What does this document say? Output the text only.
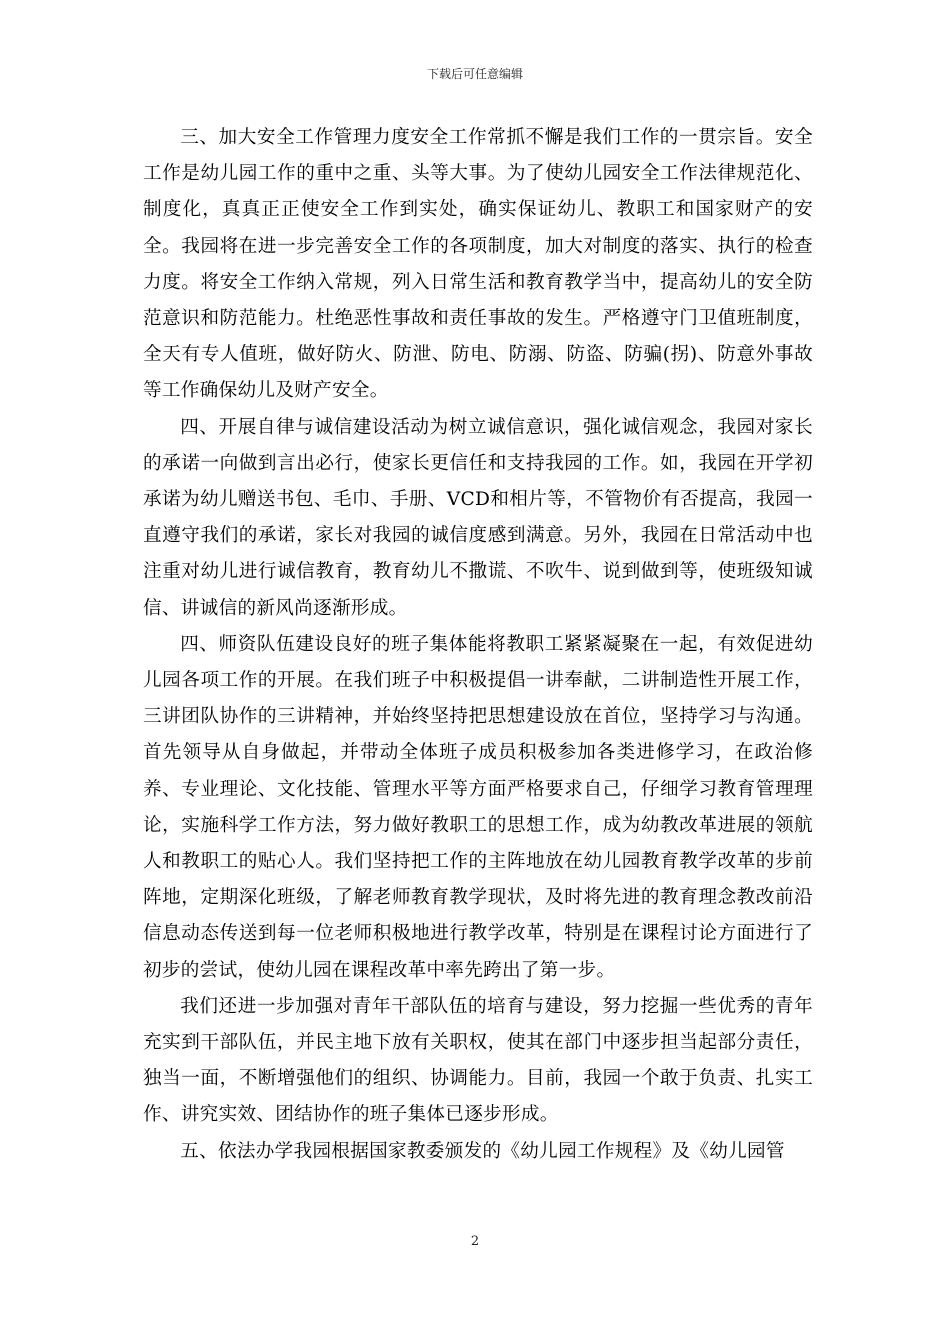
下载后可任意编辑

三、加大安全工作管理力度安全工作常抓不懈是我们工作的一贯宗旨。安全工作是幼儿园工作的重中之重、头等大事。为了使幼儿园安全工作法律规范化、制度化，真真正正使安全工作到实处，确实保证幼儿、教职工和国家财产的安全。我园将在进一步完善安全工作的各项制度，加大对制度的落实、执行的检查力度。将安全工作纳入常规，列入日常生活和教育教学当中，提高幼儿的安全防范意识和防范能力。杜绝恶性事故和责任事故的发生。严格遵守门卫值班制度，全天有专人值班，做好防火、防泄、防电、防溺、防盗、防骗(拐)、防意外事故等工作确保幼儿及财产安全。

四、开展自律与诚信建设活动为树立诚信意识，强化诚信观念，我园对家长的承诺一向做到言出必行，使家长更信任和支持我园的工作。如，我园在开学初承诺为幼儿赠送书包、毛巾、手册、VCD和相片等，不管物价有否提高，我园一直遵守我们的承诺，家长对我园的诚信度感到满意。另外，我园在日常活动中也注重对幼儿进行诚信教育，教育幼儿不撒谎、不吹牛、说到做到等，使班级知诚信、讲诚信的新风尚逐渐形成。

四、师资队伍建设良好的班子集体能将教职工紧紧凝聚在一起，有效促进幼儿园各项工作的开展。在我们班子中积极提倡一讲奉献，二讲制造性开展工作，三讲团队协作的三讲精神，并始终坚持把思想建设放在首位，坚持学习与沟通。首先领导从自身做起，并带动全体班子成员积极参加各类进修学习，在政治修养、专业理论、文化技能、管理水平等方面严格要求自己，仔细学习教育管理理论，实施科学工作方法，努力做好教职工的思想工作，成为幼教改革进展的领航人和教职工的贴心人。我们坚持把工作的主阵地放在幼儿园教育教学改革的步前阵地，定期深化班级，了解老师教育教学现状，及时将先进的教育理念教改前沿信息动态传送到每一位老师积极地进行教学改革，特别是在课程讨论方面进行了初步的尝试，使幼儿园在课程改革中率先跨出了第一步。

我们还进一步加强对青年干部队伍的培育与建设，努力挖掘一些优秀的青年充实到干部队伍，并民主地下放有关职权，使其在部门中逐步担当起部分责任，独当一面，不断增强他们的组织、协调能力。目前，我园一个敢于负责、扎实工作、讲究实效、团结协作的班子集体已逐步形成。

五、依法办学我园根据国家教委颁发的《幼儿园工作规程》及《幼儿园管

2
